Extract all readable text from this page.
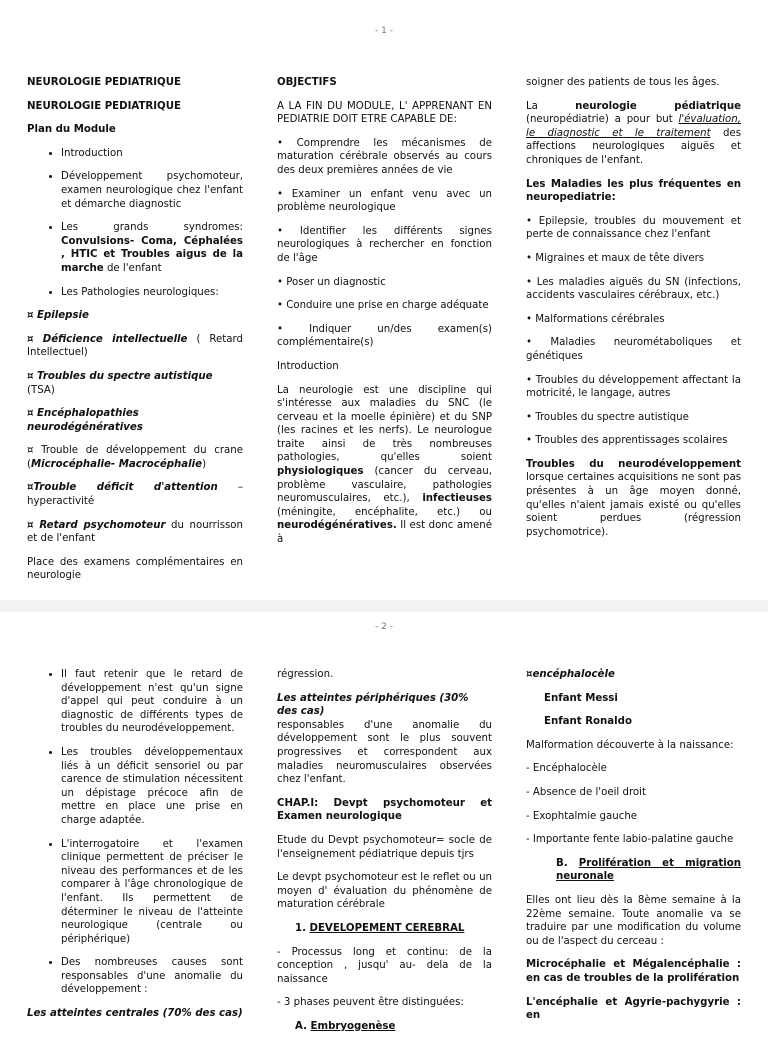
- 1 -

NEUROLOGIE PEDIATRIQUE

NEUROLOGIE PEDIATRIQUE

Plan du Module

• Introduction
• Développement psychomoteur, examen neurologique chez l'enfant et démarche diagnostic
• Les grands syndromes: Convulsions- Coma, Céphalées , HTIC et Troubles aigus de la marche de l'enfant
• Les Pathologies neurologiques:

¤ Epilepsie

¤ Déficience intellectuelle ( Retard Intellectuel)

¤ Troubles du spectre autistique (TSA)

¤ Encéphalopathies neurodégénératives

¤ Trouble de développement du crane (Microcéphalie- Macrocéphalie)

¤Trouble déficit d'attention – hyperactivité

¤ Retard psychomoteur du nourrisson et de l'enfant

Place des examens complémentaires en neurologie

OBJECTIFS

A LA FIN DU MODULE, L' APPRENANT EN PEDIATRIE DOIT ETRE CAPABLE DE:

• Comprendre les mécanismes de maturation cérébrale observés au cours des deux premières années de vie

• Examiner un enfant venu avec un problème neurologique

• Identifier les différents signes neurologiques à rechercher en fonction de l'âge

• Poser un diagnostic

• Conduire une prise en charge adéquate

• Indiquer un/des examen(s) complémentaire(s)

Introduction

La neurologie est une discipline qui s'intéresse aux maladies du SNC (le cerveau et la moelle épinière) et du SNP (les racines et les nerfs). Le neurologue traite ainsi de très nombreuses pathologies, qu'elles soient physiologiques (cancer du cerveau, problème vasculaire, pathologies neuromusculaires, etc.), infectieuses (méningite, encéphalite, etc.) ou neurodégénératives. Il est donc amené à

soigner des patients de tous les âges.

La neurologie pédiatrique (neuropédiatrie) a pour but l'évaluation, le diagnostic et le traitement des affections neurologiques aiguës et chroniques de l'enfant.

Les Maladies les plus fréquentes en neuropediatrie:

• Epilepsie, troubles du mouvement et perte de connaissance chez l'enfant

• Migraines et maux de tête divers

• Les maladies aiguës du SN (infections, accidents vasculaires cérébraux, etc.)

• Malformations cérébrales

• Maladies neurométaboliques et génétiques

• Troubles du développement affectant la motricité, le langage, autres

• Troubles du spectre autistique

• Troubles des apprentissages scolaires

Troubles du neurodéveloppement lorsque certaines acquisitions ne sont pas présentes à un âge moyen donné, qu'elles n'aient jamais existé ou qu'elles soient perdues (régression psychomotrice).

- 2 -
• Il faut retenir que le retard de développement n'est qu'un signe d'appel qui peut conduire à un diagnostic de différents types de troubles du neurodéveloppement.
• Les troubles développementaux liés à un déficit sensoriel ou par carence de stimulation nécessitent un dépistage précoce afin de mettre en place une prise en charge adaptée.
• L'interrogatoire et l'examen clinique permettent de préciser le niveau des performances et de les comparer à l'âge chronologique de l'enfant. Ils permettent de déterminer le niveau de l'atteinte neurologique (centrale ou périphérique)
• Des nombreuses causes sont responsables d'une anomalie du développement :

Les atteintes centrales (70% des cas)

régression.

Les atteintes périphériques (30% des cas)

responsables d'une anomalie du développement sont le plus souvent progressives et correspondent aux maladies neuromusculaires observées chez l'enfant.

CHAP.I: Devpt psychomoteur et Examen neurologique

Etude du Devpt psychomoteur= socle de l'enseignement pédiatrique depuis tjrs

Le devpt psychomoteur est le reflet ou un moyen d' évaluation du phénomène de maturation cérébrale

1. DEVELOPEMENT CEREBRAL

- Processus long et continu: de la conception , jusqu' au- dela de la naissance

- 3 phases peuvent être distinguées:

A. Embryogenèse

¤encéphalocèle

Enfant Messi

Enfant Ronaldo

Malformation découverte à la naissance:

- Encéphalocèle

- Absence de l'oeil droit

- Exophtalmie gauche

- Importante fente labio-palatine gauche

B. Prolifération et migration neuronale

Elles ont lieu dès la 8ème semaine à la 22ème semaine. Toute anomalie va se traduire par une modification du volume ou de l'aspect du cerceau :

Microcéphalie et Mégalencéphalie : en cas de troubles de la prolifération

L'encéphalie et Agyrie-pachygyrie : en
